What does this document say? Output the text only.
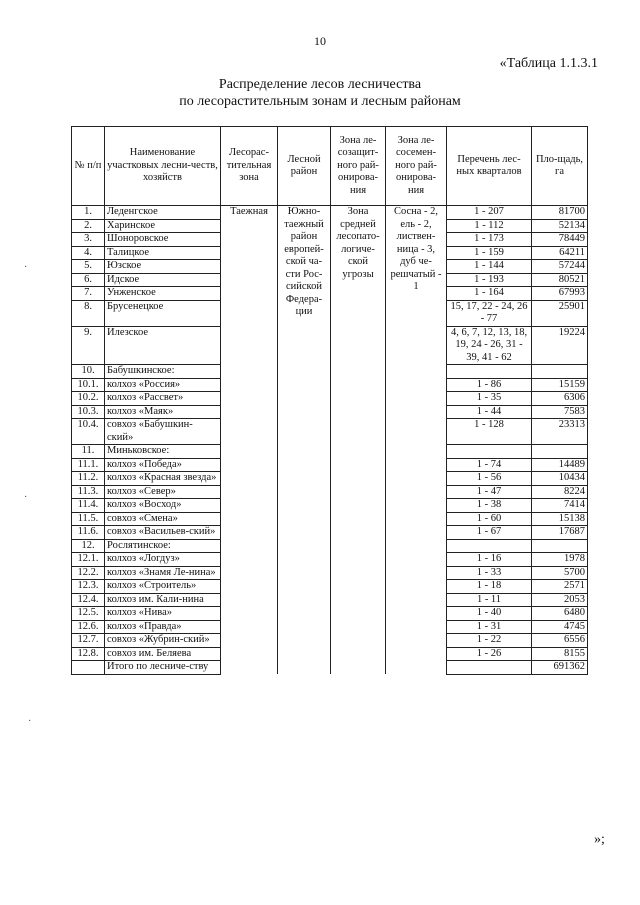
10
«Таблица 1.1.3.1
Распределение лесов лесничества
по лесорастительным зонам и лесным районам
№ п/п	Наименование участковых лесни-честв, хозяйств	Лесорас-тительная зона	Лесной район	Зона ле-созащит-ного рай-онирова-ния	Зона ле-сосемен-ного рай-онирова-ния	Перечень лес-ных кварталов	Пло-щадь, га
1.	Леденгское	Таежная	Южно-таежный район европей-ской ча-сти Рос-сийской Федера-ции	Зона средней лесопато-логиче-ской угрозы	Сосна - 2, ель - 2, листвен-ница - 3, дуб че-решчатый - 1	1 - 207	81700
2.	Харинское					1 - 112	52134
3.	Шоноровское					1 - 173	78449
4.	Талицкое					1 - 159	64211
5.	Юзское					1 - 144	57244
6.	Идское					1 - 193	80521
7.	Унженское					1 - 164	67993
8.	Брусенецкое					15, 17, 22 - 24, 26 - 77	25901
9.	Илезское					4, 6, 7, 12, 13, 18, 19, 24 - 26, 31 - 39, 41 - 62	19224
10.	Бабушкинское:						
10.1.	колхоз «Россия»					1 - 86	15159
10.2.	колхоз «Рассвет»					1 - 35	6306
10.3.	колхоз «Маяк»					1 - 44	7583
10.4.	совхоз «Бабушкин-ский»					1 - 128	23313
11.	Миньковское:						
11.1.	колхоз «Победа»					1 - 74	14489
11.2.	колхоз «Красная звезда»					1 - 56	10434
11.3.	колхоз «Север»					1 - 47	8224
11.4.	колхоз «Восход»					1 - 38	7414
11.5.	совхоз «Смена»					1 - 60	15138
11.6.	совхоз «Васильев-ский»					1 - 67	17687
12.	Рослятинское:						
12.1.	колхоз «Логдуз»					1 - 16	1978
12.2.	колхоз «Знамя Ле-нина»					1 - 33	5700
12.3.	колхоз «Строитель»					1 - 18	2571
12.4.	колхоз им. Кали-нина					1 - 11	2053
12.5.	колхоз «Нива»					1 - 40	6480
12.6.	колхоз «Правда»					1 - 31	4745
12.7.	совхоз «Жубрин-ский»					1 - 22	6556
12.8.	совхоз им. Беляева					1 - 26	8155
	Итого по лесниче-ству						691362
»;
·
·
·
